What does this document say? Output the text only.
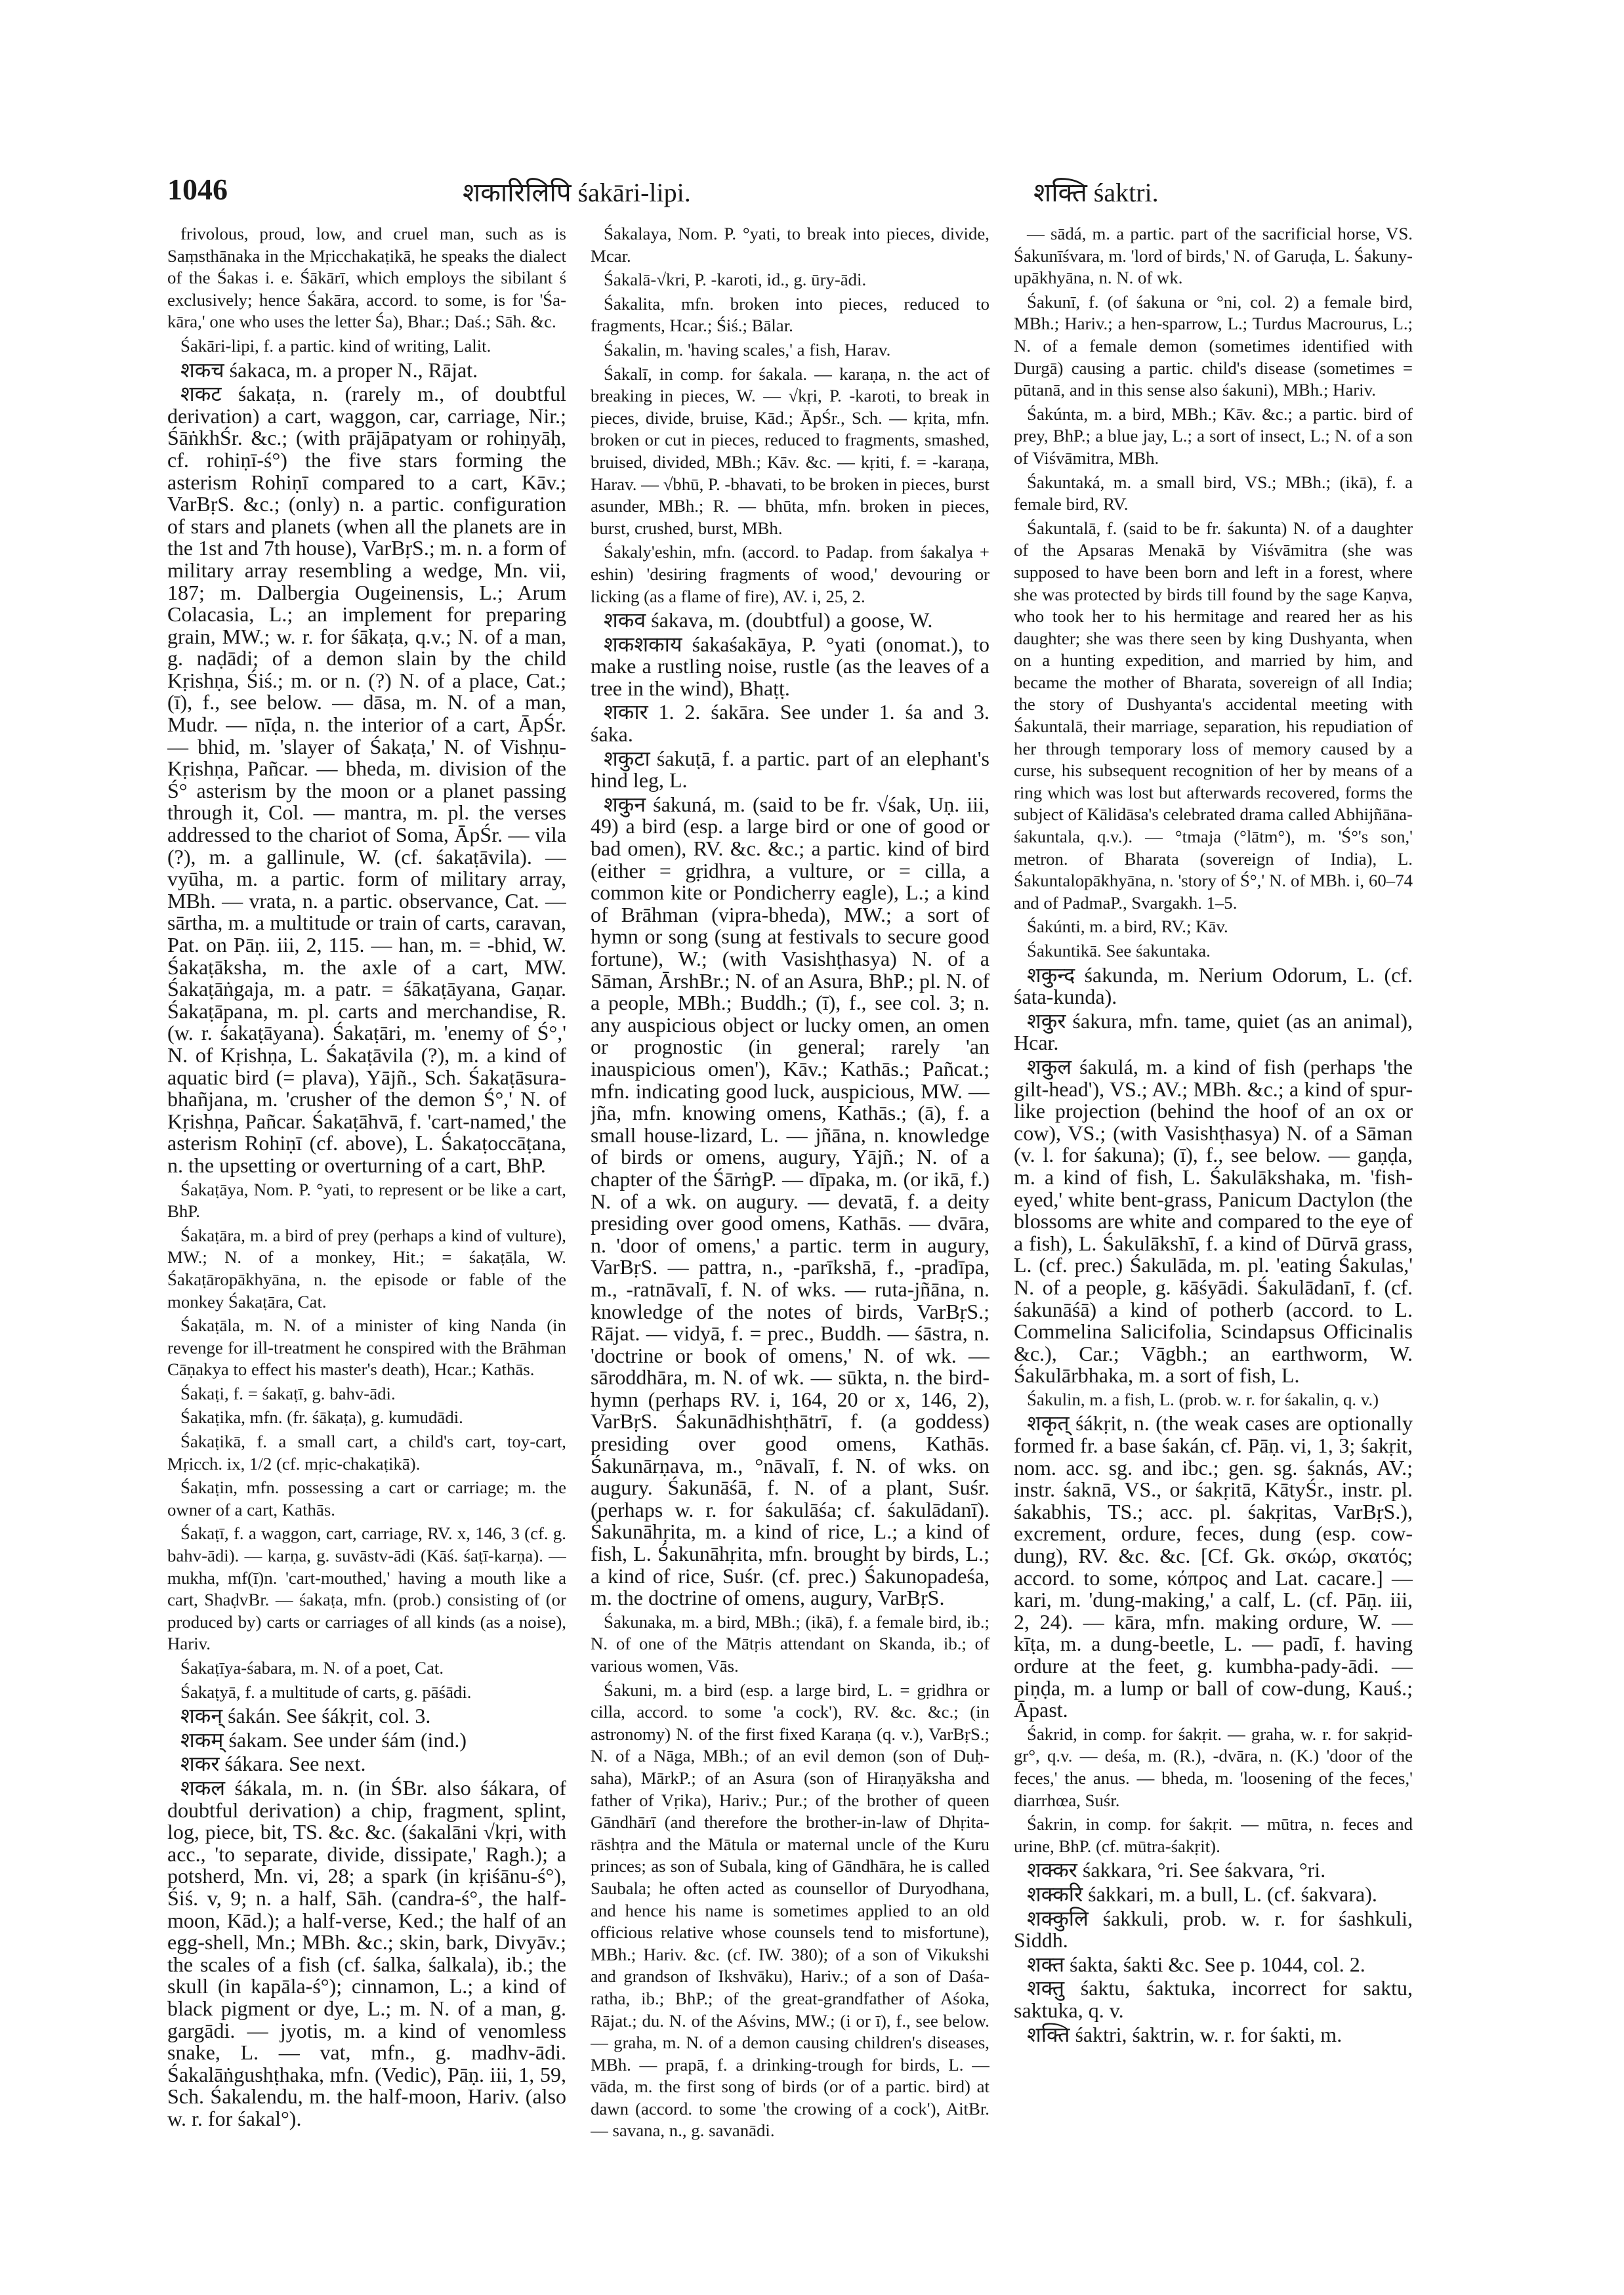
1046	शकारिलिपि śakāri-lipi.	शक्ति śaktri.
frivolous, proud, low, and cruel man, such as is Saṃsthānaka in the Mṛicchakaṭikā, he speaks the dialect of the Śakas i. e. Śākārī, which employs the sibilant ś exclusively; hence Śakāra, accord. to some, is for 'Śa-kāra,' one who uses the letter Śa), Bhar.; Daś.; Sāh. &c.
Śakāri-lipi, f. a partic. kind of writing, Lalit.
शकच śakaca, m. a proper N., Rājat.
शकट śakaṭa, n. (rarely m., of doubtful derivation) a cart, waggon, car, carriage, Nir.; ŚāṅkhŚr. &c.; (with prājāpatyam or rohiṇyāḥ, cf. rohiṇī-ś°) the five stars forming the asterism Rohiṇī compared to a cart, Kāv.; VarBṛS. &c.; (only) n. a partic. configuration of stars and planets (when all the planets are in the 1st and 7th house), VarBṛS.; m. n. a form of military array resembling a wedge, Mn. vii, 187; m. Dalbergia Ougeinensis, L.; Arum Colacasia, L.; an implement for preparing grain, MW.; w. r. for śākaṭa, q.v.; N. of a man, g. naḍādi; of a demon slain by the child Kṛishṇa, Śiś.; m. or n. (?) N. of a place, Cat.; (ī), f., see below. — dāsa, m. N. of a man, Mudr. — nīḍa, n. the interior of a cart, ĀpŚr. — bhid, m. 'slayer of Śakaṭa,' N. of Vishṇu-Kṛishṇa, Pañcar. — bheda, m. division of the Ś° asterism by the moon or a planet passing through it, Col. — mantra, m. pl. the verses addressed to the chariot of Soma, ĀpŚr. — vila (?), m. a gallinule, W. (cf. śakaṭāvila). — vyūha, m. a partic. form of military array, MBh. — vrata, n. a partic. observance, Cat. — sārtha, m. a multitude or train of carts, caravan, Pat. on Pāṇ. iii, 2, 115. — han, m. = -bhid, W. Śakaṭāksha, m. the axle of a cart, MW. Śakaṭāṅgaja, m. a patr. = śākaṭāyana, Gaṇar. Śakaṭāpana, m. pl. carts and merchandise, R. (w. r. śakaṭāyana). Śakaṭāri, m. 'enemy of Ś°,' N. of Kṛishṇa, L. Śakaṭāvila (?), m. a kind of aquatic bird (= plava), Yājñ., Sch. Śakaṭāsura-bhañjana, m. 'crusher of the demon Ś°,' N. of Kṛishṇa, Pañcar. Śakaṭāhvā, f. 'cart-named,' the asterism Rohiṇī (cf. above), L. Śakaṭoccāṭana, n. the upsetting or overturning of a cart, BhP.
Śakaṭāya, Nom. P. °yati, to represent or be like a cart, BhP.
Śakaṭāra, m. a bird of prey (perhaps a kind of vulture), MW.; N. of a monkey, Hit.; = śakaṭāla, W. Śakaṭāropākhyāna, n. the episode or fable of the monkey Śakaṭāra, Cat.
Śakaṭāla, m. N. of a minister of king Nanda (in revenge for ill-treatment he conspired with the Brāhman Cāṇakya to effect his master's death), Hcar.; Kathās.
Śakaṭi, f. = śakaṭī, g. bahv-ādi.
Śakaṭika, mfn. (fr. śākaṭa), g. kumudādi.
Śakaṭikā, f. a small cart, a child's cart, toy-cart, Mṛicch. ix, 1/2 (cf. mṛic-chakaṭikā).
Śakaṭin, mfn. possessing a cart or carriage; m. the owner of a cart, Kathās.
Śakaṭī, f. a waggon, cart, carriage, RV. x, 146, 3 (cf. g. bahv-ādi). — karṇa, g. suvāstv-ādi (Kāś. śaṭī-karṇa). — mukha, mf(ī)n. 'cart-mouthed,' having a mouth like a cart, ShaḍvBr. — śakaṭa, mfn. (prob.) consisting of (or produced by) carts or carriages of all kinds (as a noise), Hariv.
Śakaṭīya-śabara, m. N. of a poet, Cat.
Śakaṭyā, f. a multitude of carts, g. pāśādi.
शकन् śakán. See śákṛit, col. 3.
शकम् śakam. See under śám (ind.)
शकर śákara. See next.
शकल śákala, m. n. (in ŚBr. also śákara, of doubtful derivation) a chip, fragment, splint, log, piece, bit, TS. &c. &c. (śakalāni √kṛi, with acc., 'to separate, divide, dissipate,' Ragh.); a potsherd, Mn. vi, 28; a spark (in kṛiśānu-ś°), Śiś. v, 9; n. a half, Sāh. (candra-ś°, the half-moon, Kād.); a half-verse, Ked.; the half of an egg-shell, Mn.; MBh. &c.; skin, bark, Divyāv.; the scales of a fish (cf. śalka, śalkala), ib.; the skull (in kapāla-ś°); cinnamon, L.; a kind of black pigment or dye, L.; m. N. of a man, g. gargādi. — jyotis, m. a kind of venomless snake, L. — vat, mfn., g. madhv-ādi. Śakalāṅgushṭhaka, mfn. (Vedic), Pāṇ. iii, 1, 59, Sch. Śakalendu, m. the half-moon, Hariv. (also w. r. for śakal°).
Śakalaya, Nom. P. °yati, to break into pieces, divide, Mcar.
Śakalā-√kri, P. -karoti, id., g. ūry-ādi.
Śakalita, mfn. broken into pieces, reduced to fragments, Hcar.; Śiś.; Bālar.
Śakalin, m. 'having scales,' a fish, Harav.
Śakalī, in comp. for śakala. — karaṇa, n. the act of breaking in pieces, W. — √kṛi, P. -karoti, to break in pieces, divide, bruise, Kād.; ĀpŚr., Sch. — kṛita, mfn. broken or cut in pieces, reduced to fragments, smashed, bruised, divided, MBh.; Kāv. &c. — kṛiti, f. = -karaṇa, Harav. — √bhū, P. -bhavati, to be broken in pieces, burst asunder, MBh.; R. — bhūta, mfn. broken in pieces, burst, crushed, burst, MBh.
Śakaly'eshin, mfn. (accord. to Padap. from śakalya + eshin) 'desiring fragments of wood,' devouring or licking (as a flame of fire), AV. i, 25, 2.
शकव śakava, m. (doubtful) a goose, W.
शकशकाय śakaśakāya, P. °yati (onomat.), to make a rustling noise, rustle (as the leaves of a tree in the wind), Bhaṭṭ.
शकार 1. 2. śakāra. See under 1. śa and 3. śaka.
शकुटा śakuṭā, f. a partic. part of an elephant's hind leg, L.
शकुन śakuná, m. (said to be fr. √śak, Uṇ. iii, 49) a bird (esp. a large bird or one of good or bad omen), RV. &c. &c.; a partic. kind of bird (either = gṛidhra, a vulture, or = cilla, a common kite or Pondicherry eagle), L.; a kind of Brāhman (vipra-bheda), MW.; a sort of hymn or song (sung at festivals to secure good fortune), W.; (with Vasishṭhasya) N. of a Sāman, ĀrshBr.; N. of an Asura, BhP.; pl. N. of a people, MBh.; Buddh.; (ī), f., see col. 3; n. any auspicious object or lucky omen, an omen or prognostic (in general; rarely 'an inauspicious omen'), Kāv.; Kathās.; Pañcat.; mfn. indicating good luck, auspicious, MW. — jña, mfn. knowing omens, Kathās.; (ā), f. a small house-lizard, L. — jñāna, n. knowledge of birds or omens, augury, Yājñ.; N. of a chapter of the ŚārṅgP. — dīpaka, m. (or ikā, f.) N. of a wk. on augury. — devatā, f. a deity presiding over good omens, Kathās. — dvāra, n. 'door of omens,' a partic. term in augury, VarBṛS. — pattra, n., -parīkshā, f., -pradīpa, m., -ratnāvalī, f. N. of wks. — ruta-jñāna, n. knowledge of the notes of birds, VarBṛS.; Rājat. — vidyā, f. = prec., Buddh. — śāstra, n. 'doctrine or book of omens,' N. of wk. — sāroddhāra, m. N. of wk. — sūkta, n. the bird-hymn (perhaps RV. i, 164, 20 or x, 146, 2), VarBṛS. Śakunādhishṭhātrī, f. (a goddess) presiding over good omens, Kathās. Śakunārṇava, m., °nāvalī, f. N. of wks. on augury. Śakunāśā, f. N. of a plant, Suśr. (perhaps w. r. for śakulāśa; cf. śakulādanī). Śakunāhṛita, m. a kind of rice, L.; a kind of fish, L. Śakunāhṛita, mfn. brought by birds, L.; a kind of rice, Suśr. (cf. prec.) Śakunopadeśa, m. the doctrine of omens, augury, VarBṛS.
Śakunaka, m. a bird, MBh.; (ikā), f. a female bird, ib.; N. of one of the Mātṛis attendant on Skanda, ib.; of various women, Vās.
Śakuni, m. a bird (esp. a large bird, L. = gṛidhra or cilla, accord. to some 'a cock'), RV. &c. &c.; (in astronomy) N. of the first fixed Karaṇa (q. v.), VarBṛS.; N. of a Nāga, MBh.; of an evil demon (son of Duḥ-saha), MārkP.; of an Asura (son of Hiraṇyāksha and father of Vṛika), Hariv.; Pur.; of the brother of queen Gāndhārī (and therefore the brother-in-law of Dhṛita-rāshṭra and the Mātula or maternal uncle of the Kuru princes; as son of Subala, king of Gāndhāra, he is called Saubala; he often acted as counsellor of Duryodhana, and hence his name is sometimes applied to an old officious relative whose counsels tend to misfortune), MBh.; Hariv. &c. (cf. IW. 380); of a son of Vikukshi and grandson of Ikshvāku), Hariv.; of a son of Daśa-ratha, ib.; BhP.; of the great-grandfather of Aśoka, Rājat.; du. N. of the Aśvins, MW.; (i or ī), f., see below. — graha, m. N. of a demon causing children's diseases, MBh. — prapā, f. a drinking-trough for birds, L. — vāda, m. the first song of birds (or of a partic. bird) at dawn (accord. to some 'the crowing of a cock'), AitBr. — savana, n., g. savanādi.
— sādá, m. a partic. part of the sacrificial horse, VS. Śakunīśvara, m. 'lord of birds,' N. of Garuḍa, L. Śakuny-upākhyāna, n. N. of wk.
Śakunī, f. (of śakuna or °ni, col. 2) a female bird, MBh.; Hariv.; a hen-sparrow, L.; Turdus Macrourus, L.; N. of a female demon (sometimes identified with Durgā) causing a partic. child's disease (sometimes = pūtanā, and in this sense also śakuni), MBh.; Hariv.
Śakúnta, m. a bird, MBh.; Kāv. &c.; a partic. bird of prey, BhP.; a blue jay, L.; a sort of insect, L.; N. of a son of Viśvāmitra, MBh.
Śakuntaká, m. a small bird, VS.; MBh.; (ikā), f. a female bird, RV.
Śakuntalā, f. (said to be fr. śakunta) N. of a daughter of the Apsaras Menakā by Viśvāmitra (she was supposed to have been born and left in a forest, where she was protected by birds till found by the sage Kaṇva, who took her to his hermitage and reared her as his daughter; she was there seen by king Dushyanta, when on a hunting expedition, and married by him, and became the mother of Bharata, sovereign of all India; the story of Dushyanta's accidental meeting with Śakuntalā, their marriage, separation, his repudiation of her through temporary loss of memory caused by a curse, his subsequent recognition of her by means of a ring which was lost but afterwards recovered, forms the subject of Kālidāsa's celebrated drama called Abhijñāna-śakuntala, q.v.). — °tmaja (°lātm°), m. 'Ś°'s son,' metron. of Bharata (sovereign of India), L. Śakuntalopākhyāna, n. 'story of Ś°,' N. of MBh. i, 60–74 and of PadmaP., Svargakh. 1–5.
Śakúnti, m. a bird, RV.; Kāv.
Śakuntikā. See śakuntaka.
शकुन्द śakunda, m. Nerium Odorum, L. (cf. śata-kunda).
शकुर śakura, mfn. tame, quiet (as an animal), Hcar.
शकुल śakulá, m. a kind of fish (perhaps 'the gilt-head'), VS.; AV.; MBh. &c.; a kind of spur-like projection (behind the hoof of an ox or cow), VS.; (with Vasishṭhasya) N. of a Sāman (v. l. for śakuna); (ī), f., see below. — gaṇḍa, m. a kind of fish, L. Śakulākshaka, m. 'fish-eyed,' white bent-grass, Panicum Dactylon (the blossoms are white and compared to the eye of a fish), L. Śakulākshī, f. a kind of Dūrvā grass, L. (cf. prec.) Śakulāda, m. pl. 'eating Śakulas,' N. of a people, g. kāśyādi. Śakulādanī, f. (cf. śakunāśā) a kind of potherb (accord. to L. Commelina Salicifolia, Scindapsus Officinalis &c.), Car.; Vāgbh.; an earthworm, W. Śakulārbhaka, m. a sort of fish, L.
Śakulin, m. a fish, L. (prob. w. r. for śakalin, q. v.)
शकृत् śákṛit, n. (the weak cases are optionally formed fr. a base śakán, cf. Pāṇ. vi, 1, 3; śakṛit, nom. acc. sg. and ibc.; gen. sg. śaknás, AV.; instr. śaknā, VS., or śakṛitā, KātyŚr., instr. pl. śakabhis, TS.; acc. pl. śakṛitas, VarBṛS.), excrement, ordure, feces, dung (esp. cow-dung), RV. &c. &c. [Cf. Gk. σκώρ, σκατός; accord. to some, κόπρος and Lat. cacare.] — kari, m. 'dung-making,' a calf, L. (cf. Pāṇ. iii, 2, 24). — kāra, mfn. making ordure, W. — kīṭa, m. a dung-beetle, L. — padī, f. having ordure at the feet, g. kumbha-pady-ādi. — piṇḍa, m. a lump or ball of cow-dung, Kauś.; Āpast.
Śakrid, in comp. for śakṛit. — graha, w. r. for sakṛid-gr°, q.v. — deśa, m. (R.), -dvāra, n. (K.) 'door of the feces,' the anus. — bheda, m. 'loosening of the feces,' diarrhœa, Suśr.
Śakrin, in comp. for śakṛit. — mūtra, n. feces and urine, BhP. (cf. mūtra-śakṛit).
शक्कर śakkara, °ri. See śakvara, °ri.
शक्करि śakkari, m. a bull, L. (cf. śakvara).
शक्कुलि śakkuli, prob. w. r. for śashkuli, Siddh.
शक्त śakta, śakti &c. See p. 1044, col. 2.
शक्तु śaktu, śaktuka, incorrect for saktu, saktuka, q. v.
शक्ति śaktri, śaktrin, w. r. for śakti, m.
